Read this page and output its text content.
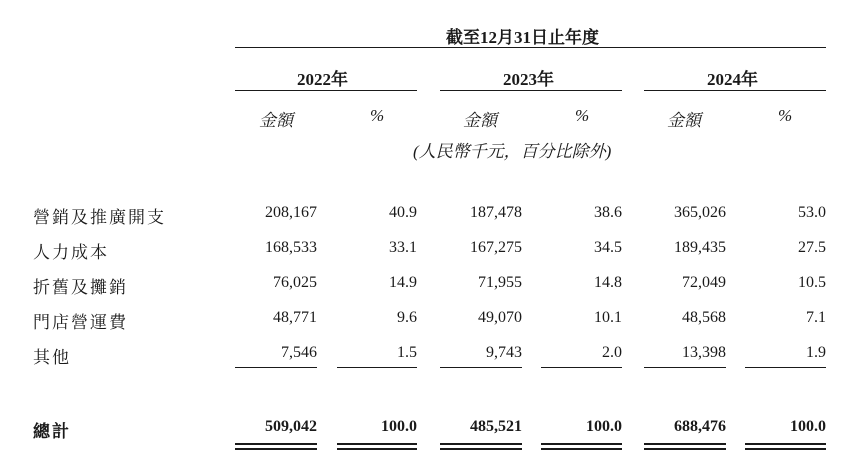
截至12月31日止年度
2022年	2023年	2024年
金額	%	金額	%	金額	%
(人民幣千元，百分比除外)
營銷及推廣開支	208,167	40.9	187,478	38.6	365,026	53.0
人力成本	168,533	33.1	167,275	34.5	189,435	27.5
折舊及攤銷	76,025	14.9	71,955	14.8	72,049	10.5
門店營運費	48,771	9.6	49,070	10.1	48,568	7.1
其他	7,546	1.5	9,743	2.0	13,398	1.9
總計	509,042	100.0	485,521	100.0	688,476	100.0
